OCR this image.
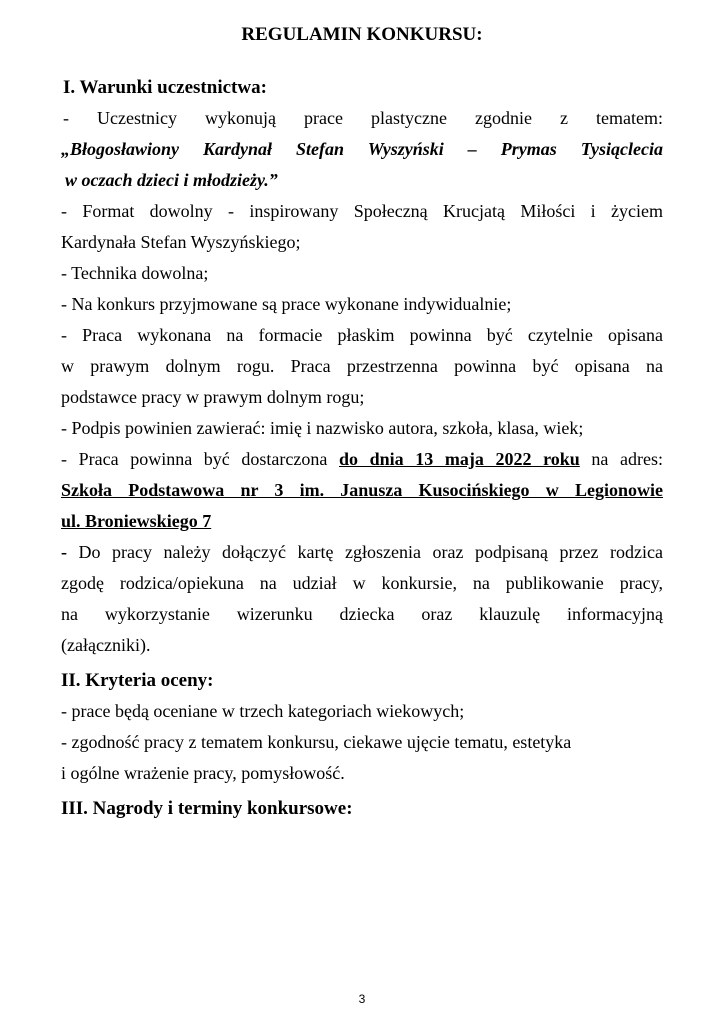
REGULAMIN KONKURSU:

I. Warunki uczestnictwa:

- Uczestnicy wykonują prace plastyczne zgodnie z tematem:

„Błogosławiony Kardynał Stefan Wyszyński – Prymas Tysiąclecia

w oczach dzieci i młodzieży.”

- Format dowolny - inspirowany Społeczną Krucjatą Miłości i życiem

Kardynała Stefan Wyszyńskiego;

- Technika dowolna;

- Na konkurs przyjmowane są prace wykonane indywidualnie;

- Praca wykonana na formacie płaskim powinna być czytelnie opisana

w prawym dolnym rogu. Praca przestrzenna powinna być opisana na

podstawce pracy w prawym dolnym rogu;

- Podpis powinien zawierać: imię i nazwisko autora, szkoła, klasa, wiek;

- Praca powinna być dostarczona do dnia 13 maja 2022 roku na adres:

Szkoła Podstawowa nr 3 im. Janusza Kusocińskiego w Legionowie

ul. Broniewskiego 7

- Do pracy należy dołączyć kartę zgłoszenia oraz podpisaną przez rodzica

zgodę rodzica/opiekuna na udział w konkursie, na publikowanie pracy,

na wykorzystanie wizerunku dziecka oraz klauzulę informacyjną

(załączniki).

II. Kryteria oceny:

- prace będą oceniane w trzech kategoriach wiekowych;

- zgodność pracy z tematem konkursu, ciekawe ujęcie tematu, estetyka

i ogólne wrażenie pracy, pomysłowość.

III. Nagrody i terminy konkursowe:

3
